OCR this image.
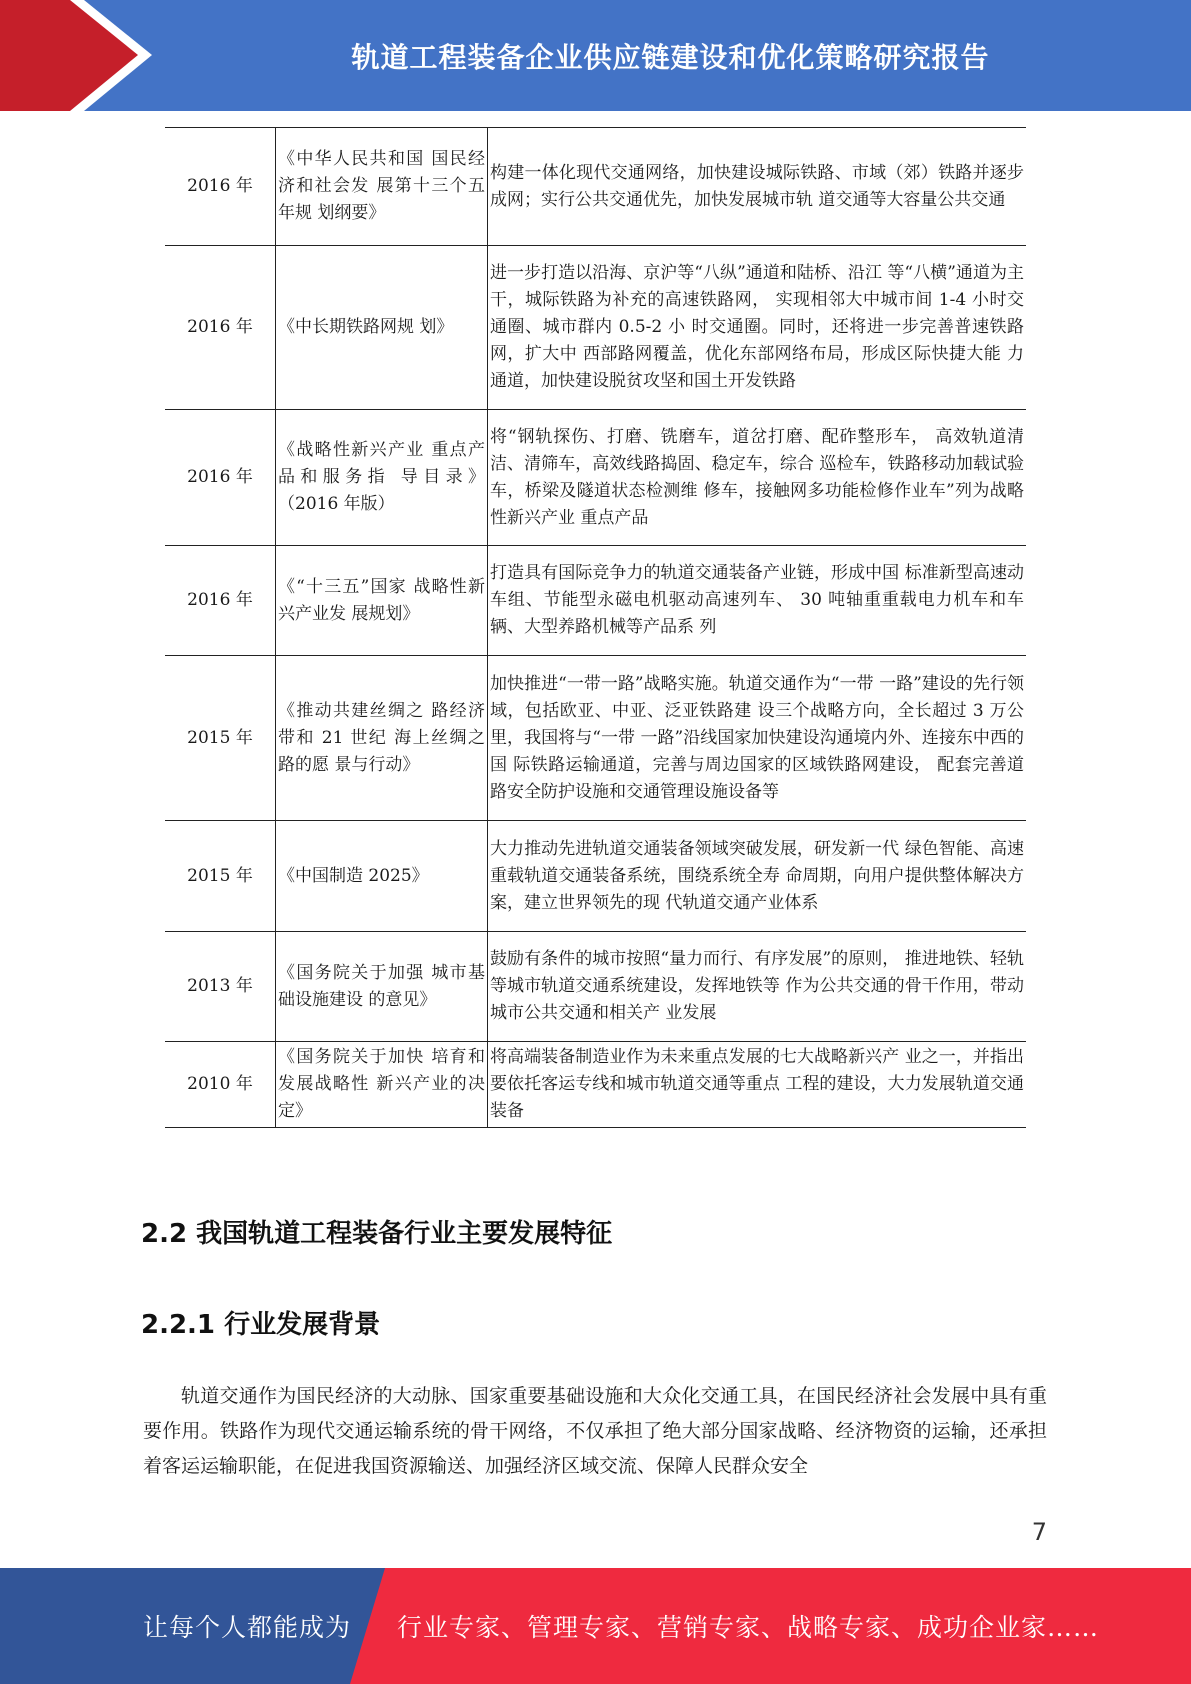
轨道工程装备企业供应链建设和优化策略研究报告
2016 年	《中华人民共和国 国民经济和社会发 展第十三个五年规 划纲要》	构建一体化现代交通网络，加快建设城际铁路、市域（郊）铁路并逐步成网；实行公共交通优先，加快发展城市轨 道交通等大容量公共交通
2016 年	《中长期铁路网规 划》	进一步打造以沿海、京沪等“八纵”通道和陆桥、沿江 等“八横”通道为主干，城际铁路为补充的高速铁路网， 实现相邻大中城市间 1-4 小时交通圈、城市群内 0.5-2 小 时交通圈。同时，还将进一步完善普速铁路网，扩大中 西部路网覆盖，优化东部网络布局，形成区际快捷大能 力通道，加快建设脱贫攻坚和国土开发铁路
2016 年	《战略性新兴产业 重点产品和服务指 导目录》（2016 年版）	将“钢轨探伤、打磨、铣磨车，道岔打磨、配砟整形车， 高效轨道清洁、清筛车，高效线路捣固、稳定车，综合 巡检车，铁路移动加载试验车，桥梁及隧道状态检测维 修车，接触网多功能检修作业车”列为战略性新兴产业 重点产品
2016 年	《“十三五”国家 战略性新兴产业发 展规划》	打造具有国际竞争力的轨道交通装备产业链，形成中国 标准新型高速动车组、节能型永磁电机驱动高速列车、 30 吨轴重重载电力机车和车辆、大型养路机械等产品系 列
2015 年	《推动共建丝绸之 路经济带和 21 世纪 海上丝绸之路的愿 景与行动》	加快推进“一带一路”战略实施。轨道交通作为“一带 一路”建设的先行领域，包括欧亚、中亚、泛亚铁路建 设三个战略方向，全长超过 3 万公里，我国将与“一带 一路”沿线国家加快建设沟通境内外、连接东中西的国 际铁路运输通道，完善与周边国家的区域铁路网建设， 配套完善道路安全防护设施和交通管理设施设备等
2015 年	《中国制造 2025》	大力推动先进轨道交通装备领域突破发展，研发新一代 绿色智能、高速重载轨道交通装备系统，围绕系统全寿 命周期，向用户提供整体解决方案，建立世界领先的现 代轨道交通产业体系
2013 年	《国务院关于加强 城市基础设施建设 的意见》	鼓励有条件的城市按照“量力而行、有序发展”的原则， 推进地铁、轻轨等城市轨道交通系统建设，发挥地铁等 作为公共交通的骨干作用，带动城市公共交通和相关产 业发展
2010 年	《国务院关于加快 培育和发展战略性 新兴产业的决定》	将高端装备制造业作为未来重点发展的七大战略新兴产 业之一，并指出要依托客运专线和城市轨道交通等重点 工程的建设，大力发展轨道交通装备
2.2 我国轨道工程装备行业主要发展特征
2.2.1 行业发展背景

轨道交通作为国民经济的大动脉、国家重要基础设施和大众化交通工具，在国民经济社会发展中具有重要作用。铁路作为现代交通运输系统的骨干网络，不仅承担了绝大部分国家战略、经济物资的运输，还承担着客运运输职能，在促进我国资源输送、加强经济区域交流、保障人民群众安全

7
让每个人都能成为 行业专家、管理专家、营销专家、战略专家、成功企业家……
